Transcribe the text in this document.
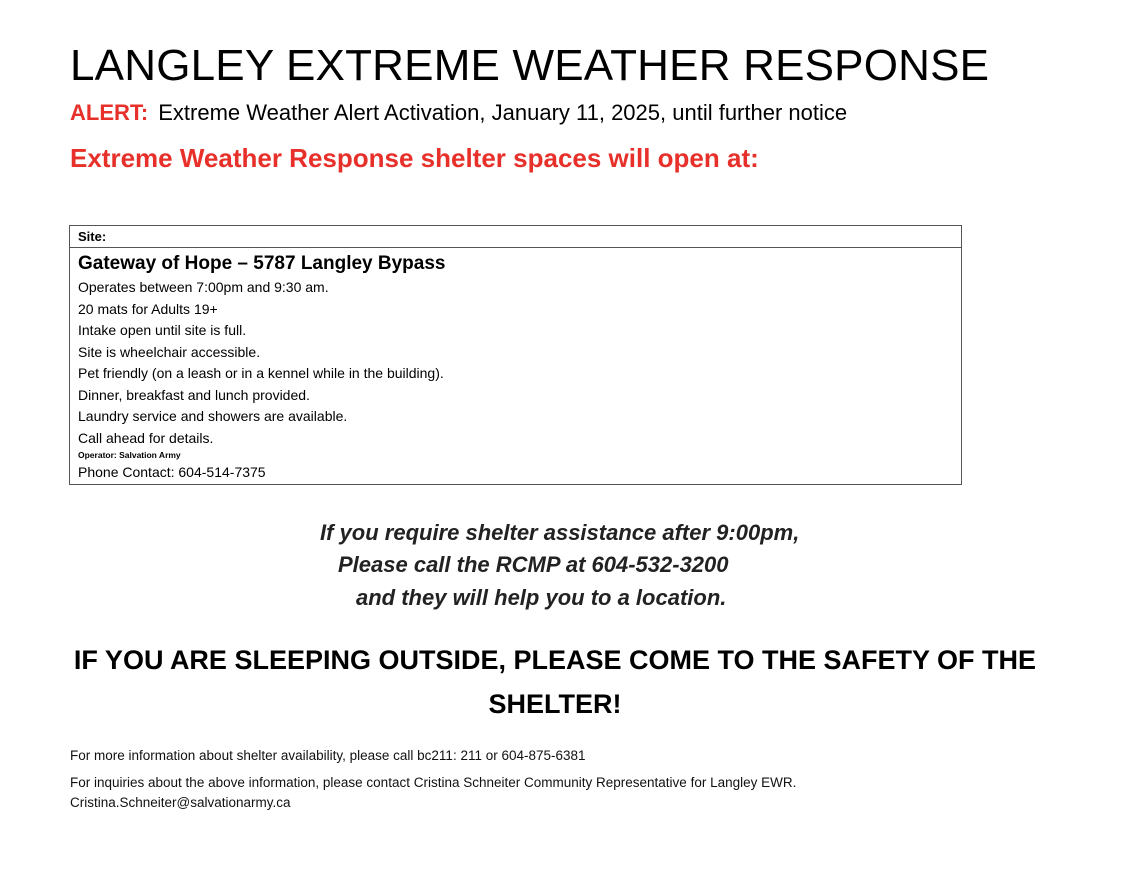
LANGLEY EXTREME WEATHER RESPONSE
ALERT: Extreme Weather Alert Activation, January 11, 2025, until further notice
Extreme Weather Response shelter spaces will open at:
Site:
Gateway of Hope – 5787 Langley Bypass
Operates between 7:00pm and 9:30 am.
20 mats for Adults 19+
Intake open until site is full.
Site is wheelchair accessible.
Pet friendly (on a leash or in a kennel while in the building).
Dinner, breakfast and lunch provided.
Laundry service and showers are available.
Call ahead for details.
Operator: Salvation Army
Phone Contact: 604-514-7375
If you require shelter assistance after 9:00pm,
Please call the RCMP at 604-532-3200
and they will help you to a location.
IF YOU ARE SLEEPING OUTSIDE, PLEASE COME TO THE SAFETY OF THE
SHELTER!
For more information about shelter availability, please call bc211: 211 or 604-875-6381
For inquiries about the above information, please contact Cristina Schneiter Community Representative for Langley EWR.
Cristina.Schneiter@salvationarmy.ca
